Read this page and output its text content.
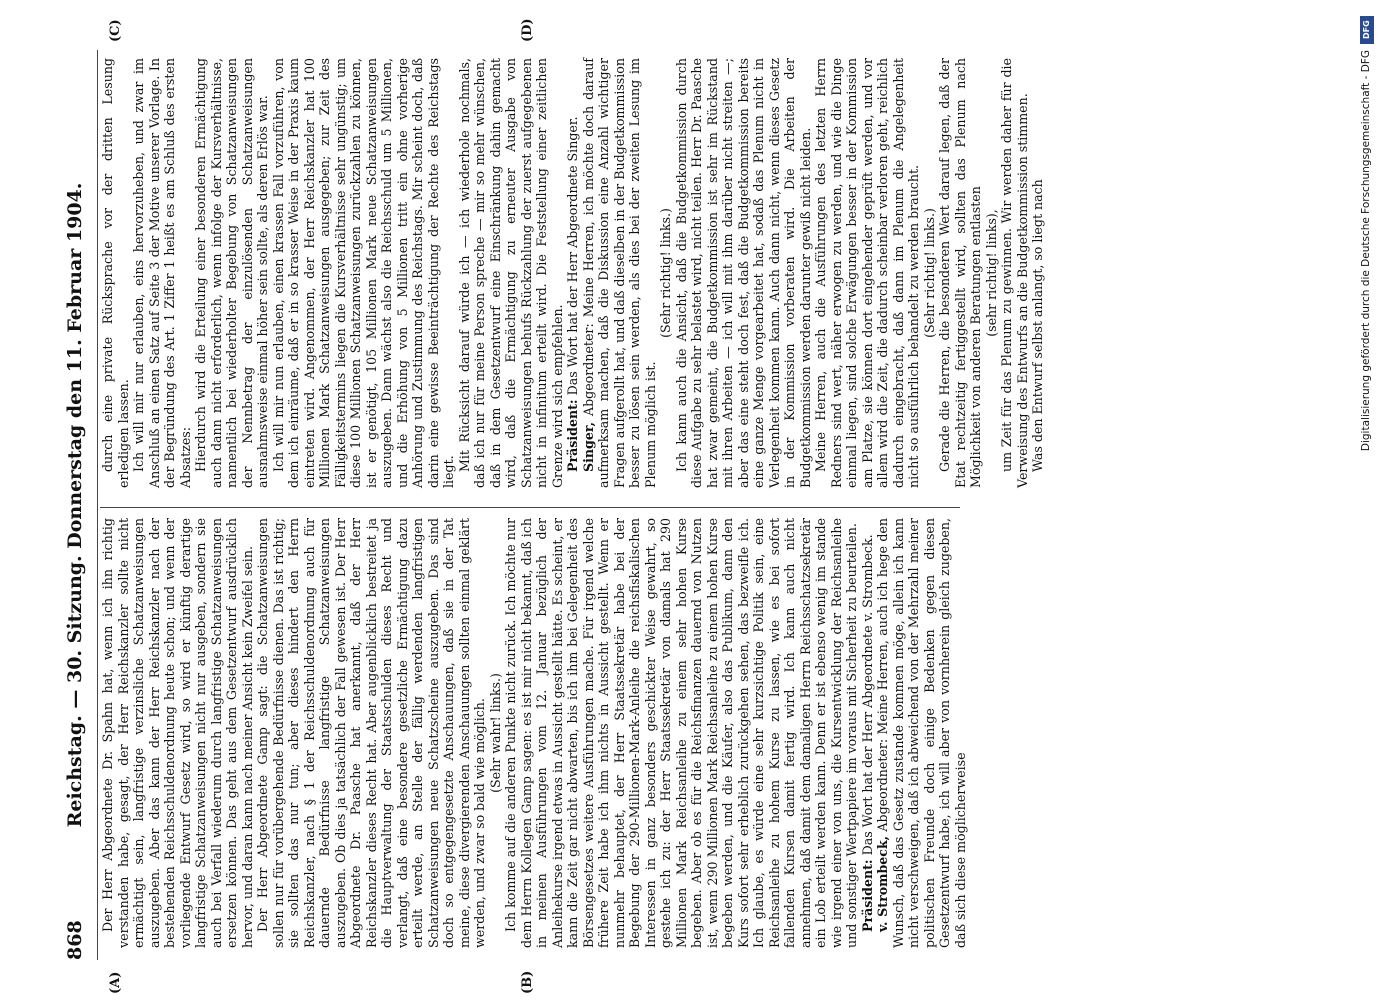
868
Reichstag. — 30. Sitzung. Donnerstag den 11. Februar 1904.
(A)	(B)
(C)	(D)

Der Herr Abgeordnete Dr. Spahn hat, wenn ich ihn richtig verstanden habe, gesagt, der Herr Reichskanzler sollte nicht ermächtigt sein, langfristige verzinsliche Schatzanweisungen auszugeben. Aber das kann der Herr Reichskanzler nach der bestehenden Reichsschuldenordnung heute schon; und wenn der vorliegende Entwurf Gesetz wird, so wird er künftig derartige langfristige Schatzanweisungen nicht nur ausgeben, sondern sie auch bei Verfall wiederum durch langfristige Schatzanweisungen ersetzen können. Das geht aus dem Gesetzentwurf ausdrücklich hervor, und daran kann nach meiner Ansicht kein Zweifel sein. Der Herr Abgeordnete Gamp sagt: die Schatzanweisungen sollen nur für vorübergehende Bedürfnisse dienen. Das ist richtig; sie sollten das nur tun; aber dieses hindert den Herrn Reichskanzler, nach § 1 der Reichsschuldenordnung auch für dauernde Bedürfnisse langfristige Schatzanweisungen auszugeben. Ob dies ja tatsächlich der Fall gewesen ist. Der Herr Abgeordnete Dr. Paasche hat anerkannt, daß der Herr Reichskanzler dieses Recht hat. Aber augenblicklich bestreitet ja die Hauptverwaltung der Staatsschulden dieses Recht und verlangt, daß eine besondere gesetzliche Ermächtigung dazu erteilt werde, an Stelle der fällig werdenden langfristigen Schatzanweisungen neue Schatzscheine auszugeben. Das sind doch so entgegengesetzte Anschauungen, daß sie in der Tat meine, diese divergierenden Anschauungen sollten einmal geklärt werden, und zwar so bald wie möglich. (Sehr wahr! links.) Ich komme auf die anderen Punkte nicht zurück. Ich möchte nur dem Herrn Kollegen Gamp sagen: es ist mir nicht bekannt, daß ich in meinen Ausführungen vom 12. Januar bezüglich der Anleihekurse irgend etwas in Aussicht gestellt hätte. Es scheint, er kann die Zeit gar nicht abwarten, bis ich ihm bei Gelegenheit des Börsengesetzes weitere Ausführungen mache. Für irgend welche frühere Zeit habe ich ihm nichts in Aussicht gestellt. Wenn er nunmehr behauptet, der Herr Staatssekretär habe bei der Begebung der 290-Millionen-Mark-Anleihe die reichsfiskalischen Interessen in ganz besonders geschickter Weise gewahrt, so gestehe ich zu: der Herr Staatssekretär von damals hat 290 Millionen Mark Reichsanleihe zu einem sehr hohen Kurse begeben. Aber ob es für die Reichsfinanzen dauernd von Nutzen ist, wenn 290 Millionen Mark Reichsanleihe zu einem hohen Kurse begeben werden, und die Käufer, also das Publikum, dann den Kurs sofort sehr erheblich zurückgehen sehen, das bezweifle ich. Ich glaube, es würde eine sehr kurzsichtige Politik sein, eine Reichsanleihe zu hohem Kurse zu lassen, wie es bei sofort fallenden Kursen damit fertig wird. Ich kann auch nicht annehmen, daß damit dem damaligen Herrn Reichsschatzsekretär ein Lob erteilt werden kann. Denn er ist ebenso wenig im stande wie irgend einer von uns, die Kursentwicklung der Reichsanleihe und sonstiger Wertpapiere im voraus mit Sicherheit zu beurteilen. Präsident: Das Wort hat der Herr Abgeordnete v. Strombeck.

v. Strombeck, Abgeordneter: Meine Herren, auch ich hege den Wunsch, daß das Gesetz zustande kommen möge, allein ich kann nicht verschweigen, daß ich abweichend von der Mehrzahl meiner politischen Freunde doch einige Bedenken gegen diesen Gesetzentwurf habe, ich will aber von vornherein gleich zugeben, daß sich diese möglicherweise

durch eine private Rücksprache vor der dritten Lesung erledigen lassen. Ich will mir nur erlauben, eins hervorzuheben, und zwar im Anschluß an einen Satz auf Seite 3 der Motive unserer Vorlage. In der Begründung des Art. 1 Ziffer 1 heißt es am Schluß des ersten Absatzes: Hierdurch wird die Erteilung einer besonderen Ermächtigung auch dann nicht erforderlich, wenn infolge der Kursverhältnisse, namentlich bei wiederholter Begebung von Schatzanweisungen der Nennbetrag der einzulösenden Schatzanweisungen ausnahmsweise einmal höher sein sollte, als deren Erlös war. Ich will mir nun erlauben, einen krassen Fall vorzuführen, von dem ich einräume, daß er in so krasser Weise in der Praxis kaum eintreten wird. Angenommen, der Herr Reichskanzler hat 100 Millionen Mark Schatzanweisungen ausgegeben; zur Zeit des Fälligkeitstermins liegen die Kursverhältnisse sehr ungünstig; um diese 100 Millionen Schatzanweisungen zurückzahlen zu können, ist er genötigt, 105 Millionen Mark neue Schatzanweisungen auszugeben. Dann wächst also die Reichsschuld um 5 Millionen, und die Erhöhung von 5 Millionen tritt ein ohne vorherige Anhörung und Zustimmung des Reichstags. Mir scheint doch, daß darin eine gewisse Beeinträchtigung der Rechte des Reichstags liegt. Mit Rücksicht darauf würde ich — ich wiederhole nochmals, daß ich nur für meine Person spreche — mir so mehr wünschen, daß in dem Gesetzentwurf eine Einschränkung dahin gemacht wird, daß die Ermächtigung zu erneuter Ausgabe von Schatzanweisungen behufs Rückzahlung der zuerst aufgegebenen nicht in infinitum erteilt wird. Die Feststellung einer zeitlichen Grenze wird sich empfehlen. Präsident: Das Wort hat der Herr Abgeordnete Singer.

Singer, Abgeordneter: Meine Herren, ich möchte doch darauf aufmerksam machen, daß die Diskussion eine Anzahl wichtiger Fragen aufgerollt hat, und daß dieselben in der Budgetkommission besser zu lösen sein werden, als dies bei der zweiten Lesung im Plenum möglich ist.

(Sehr richtig! links.) Ich kann auch die Ansicht, daß die Budgetkommission durch diese Aufgabe zu sehr belastet wird, nicht teilen. Herr Dr. Paasche hat zwar gemeint, die Budgetkommission ist sehr im Rückstand mit ihren Arbeiten — ich will mit ihm darüber nicht streiten —; aber das eine steht doch fest, daß die Budgetkommission bereits eine ganze Menge vorgearbeitet hat, sodaß das Plenum nicht in Verlegenheit kommen kann. Auch dann nicht, wenn dieses Gesetz in der Kommission vorberaten wird. Die Arbeiten der Budgetkommission werden darunter gewiß nicht leiden. Meine Herren, auch die Ausführungen des letzten Herrn Redners sind wert, näher erwogen zu werden, und wie die Dinge einmal liegen, sind solche Erwägungen besser in der Kommission am Platze, sie können dort eingehender geprüft werden, und vor allem wird die Zeit, die dadurch scheinbar verloren geht, reichlich dadurch eingebracht, daß dann im Plenum die Angelegenheit nicht so ausführlich behandelt zu werden braucht. (Sehr richtig! links.) Gerade die Herren, die besonderen Wert darauf legen, daß der Etat rechtzeitig fertiggestellt wird, sollten das Plenum nach Möglichkeit von anderen Beratungen entlasten (sehr richtig! links), um Zeit für das Plenum zu gewinnen. Wir werden daher für die Verweisung des Entwurfs an die Budgetkommission stimmen. Was den Entwurf selbst anlangt, so liegt nach

DFG
Digitalisierung gefördert durch die Deutsche Forschungsgemeinschaft - DFG
